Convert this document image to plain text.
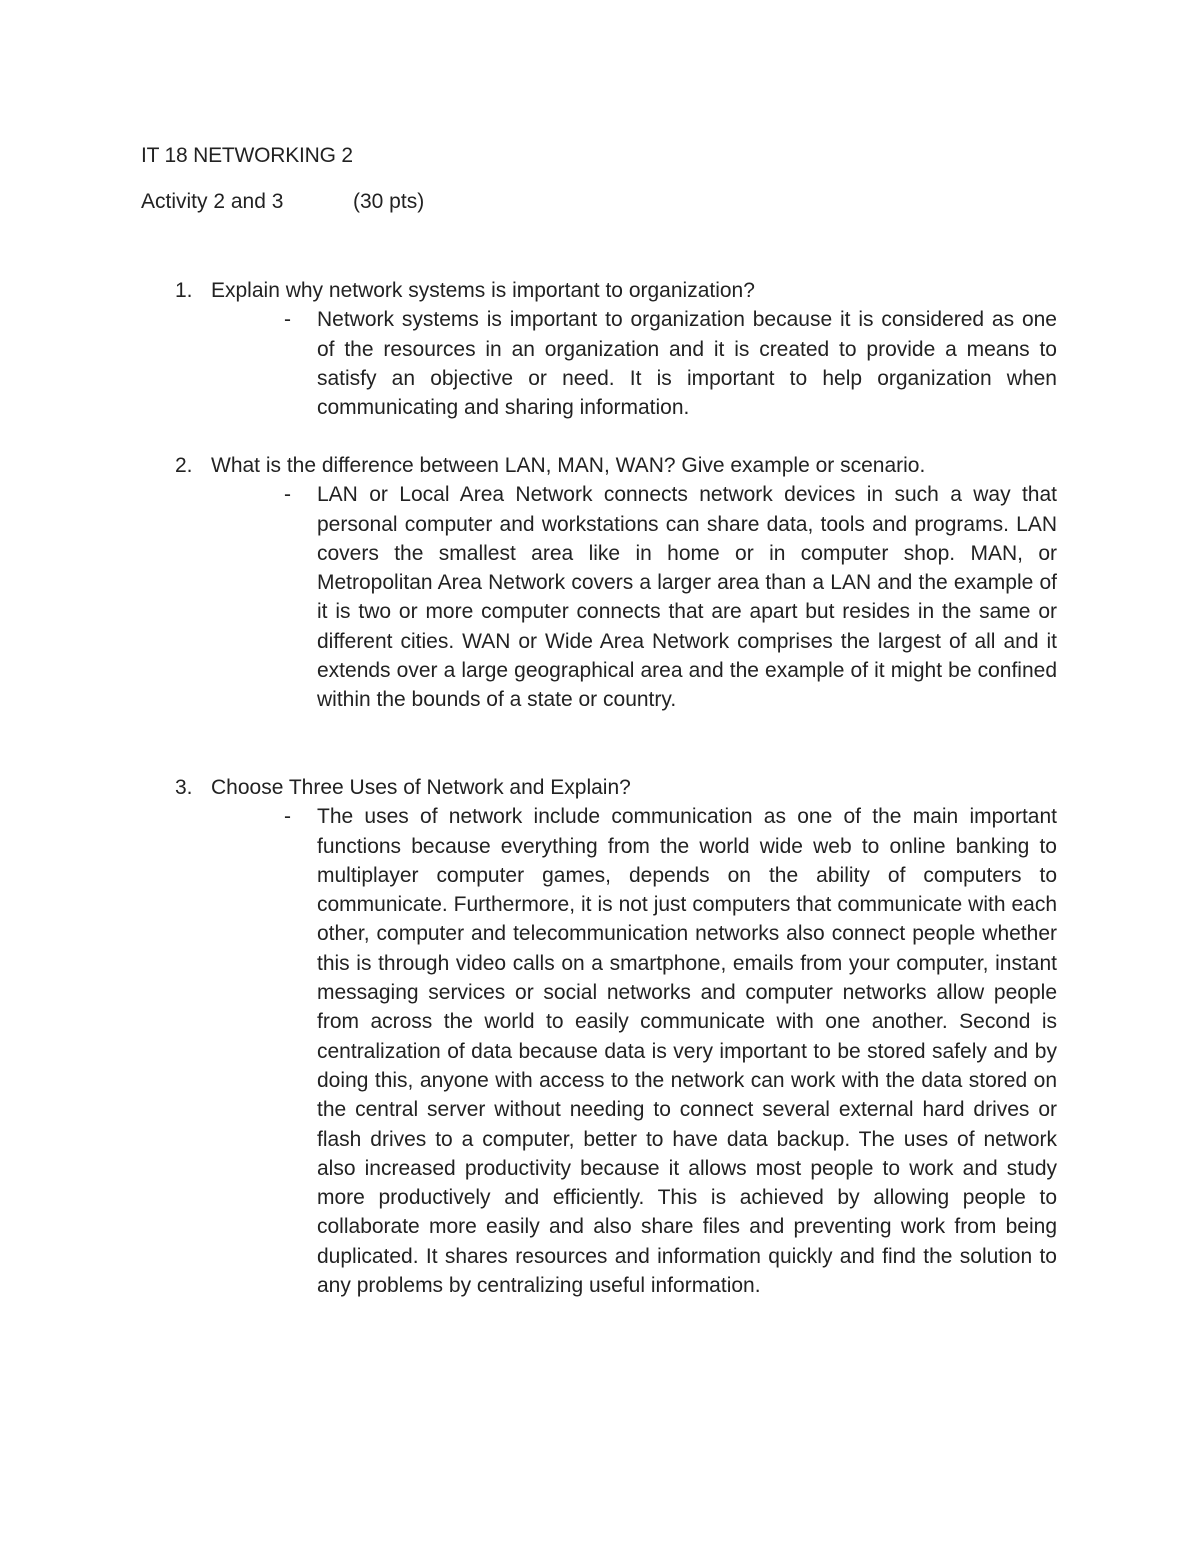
IT 18 NETWORKING 2
Activity 2 and 3	(30 pts)
1. Explain why network systems is important to organization?
- Network systems is important to organization because it is considered as one of the resources in an organization and it is created to provide a means to satisfy an objective or need. It is important to help organization when communicating and sharing information.

2. What is the difference between LAN, MAN, WAN? Give example or scenario.
- LAN or Local Area Network connects network devices in such a way that personal computer and workstations can share data, tools and programs. LAN covers the smallest area like in home or in computer shop. MAN, or Metropolitan Area Network covers a larger area than a LAN and the example of it is two or more computer connects that are apart but resides in the same or different cities. WAN or Wide Area Network comprises the largest of all and it extends over a large geographical area and the example of it might be confined within the bounds of a state or country.

3. Choose Three Uses of Network and Explain?
- The uses of network include communication as one of the main important functions because everything from the world wide web to online banking to multiplayer computer games, depends on the ability of computers to communicate. Furthermore, it is not just computers that communicate with each other, computer and telecommunication networks also connect people whether this is through video calls on a smartphone, emails from your computer, instant messaging services or social networks and computer networks allow people from across the world to easily communicate with one another. Second is centralization of data because data is very important to be stored safely and by doing this, anyone with access to the network can work with the data stored on the central server without needing to connect several external hard drives or flash drives to a computer, better to have data backup. The uses of network also increased productivity because it allows most people to work and study more productively and efficiently. This is achieved by allowing people to collaborate more easily and also share files and preventing work from being duplicated. It shares resources and information quickly and find the solution to any problems by centralizing useful information.
